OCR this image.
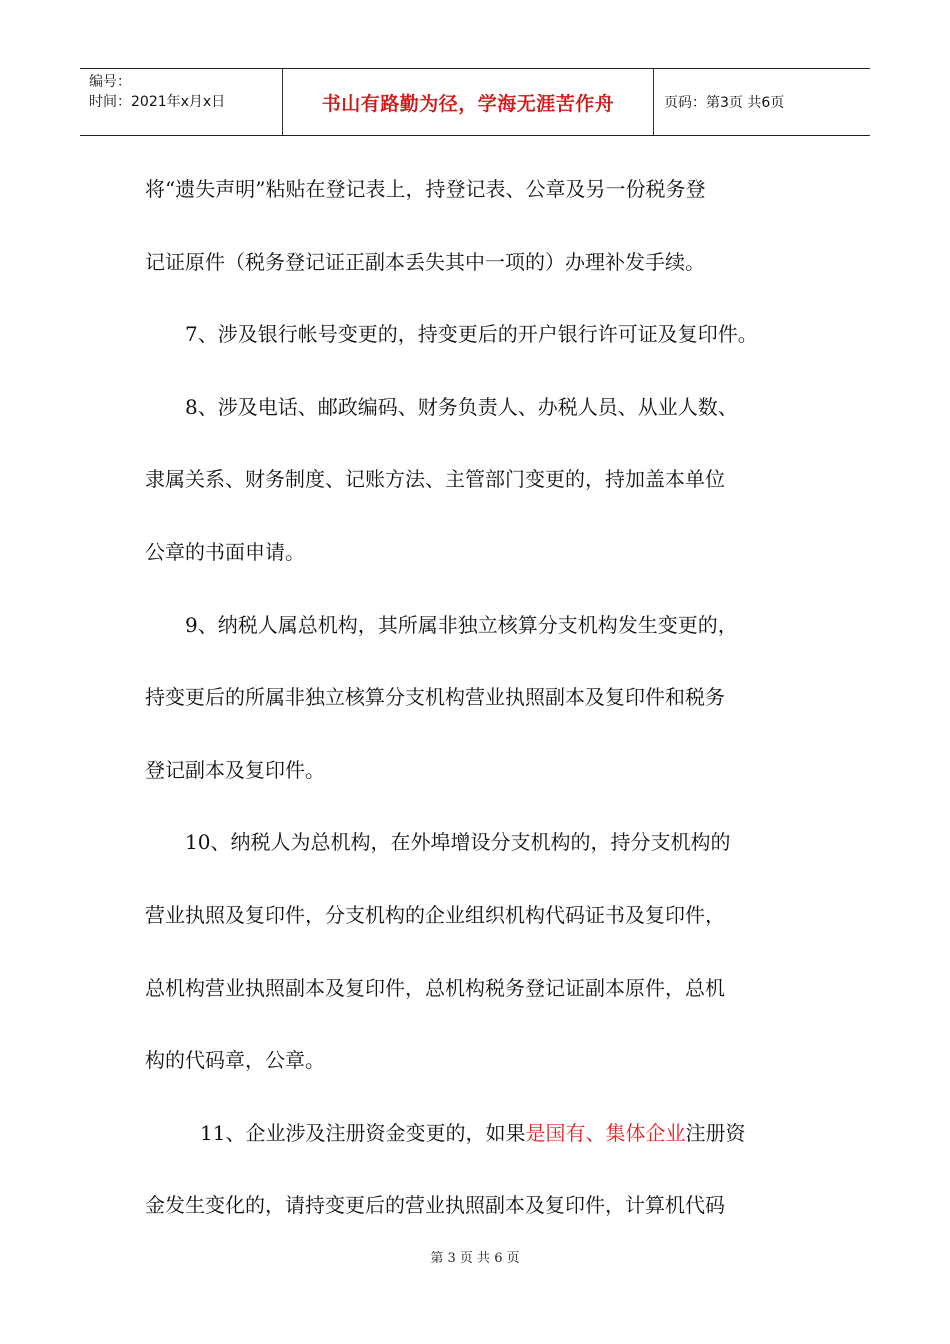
编号：
时间：2021年x月x日	书山有路勤为径，学海无涯苦作舟	页码：第3页 共6页
将“遗失声明”粘贴在登记表上，持登记表、公章及另一份税务登
记证原件（税务登记证正副本丢失其中一项的）办理补发手续。
7、涉及银行帐号变更的，持变更后的开户银行许可证及复印件。
8、涉及电话、邮政编码、财务负责人、办税人员、从业人数、
隶属关系、财务制度、记账方法、主管部门变更的，持加盖本单位
公章的书面申请。
9、纳税人属总机构，其所属非独立核算分支机构发生变更的，
持变更后的所属非独立核算分支机构营业执照副本及复印件和税务
登记副本及复印件。
10、纳税人为总机构，在外埠增设分支机构的，持分支机构的
营业执照及复印件，分支机构的企业组织机构代码证书及复印件，
总机构营业执照副本及复印件，总机构税务登记证副本原件，总机
构的代码章，公章。
11、企业涉及注册资金变更的，如果是国有、集体企业注册资
金发生变化的，请持变更后的营业执照副本及复印件，计算机代码
第 3 页 共 6 页
